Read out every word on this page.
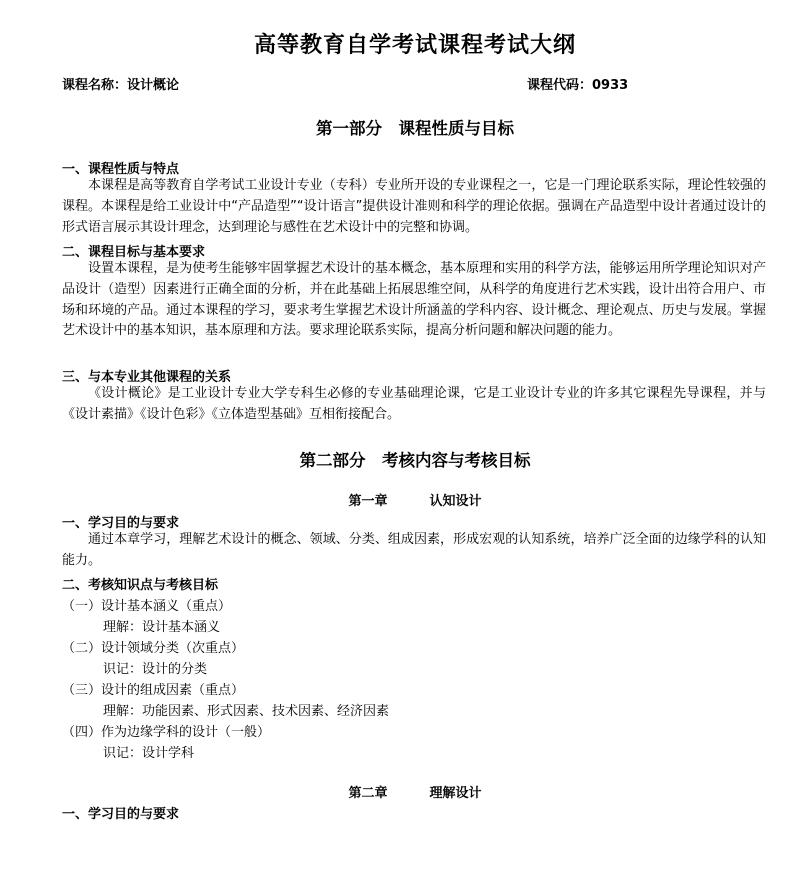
高等教育自学考试课程考试大纲
课程名称：设计概论	课程代码：0933
第一部分　课程性质与目标
一、课程性质与特点
本课程是高等教育自学考试工业设计专业（专科）专业所开设的专业课程之一，它是一门理论联系实际，理论性较强的课程。本课程是给工业设计中“产品造型”“设计语言”提供设计准则和科学的理论依据。强调在产品造型中设计者通过设计的形式语言展示其设计理念，达到理论与感性在艺术设计中的完整和协调。
二、课程目标与基本要求
设置本课程，是为使考生能够牢固掌握艺术设计的基本概念，基本原理和实用的科学方法，能够运用所学理论知识对产品设计（造型）因素进行正确全面的分析，并在此基础上拓展思维空间，从科学的角度进行艺术实践，设计出符合用户、市场和环境的产品。通过本课程的学习，要求考生掌握艺术设计所涵盖的学科内容、设计概念、理论观点、历史与发展。掌握艺术设计中的基本知识，基本原理和方法。要求理论联系实际，提高分析问题和解决问题的能力。
三、与本专业其他课程的关系
《设计概论》是工业设计专业大学专科生必修的专业基础理论课，它是工业设计专业的许多其它课程先导课程，并与《设计素描》《设计色彩》《立体造型基础》互相衔接配合。
第二部分　考核内容与考核目标
第一章	认知设计
一、学习目的与要求
通过本章学习，理解艺术设计的概念、领域、分类、组成因素，形成宏观的认知系统，培养广泛全面的边缘学科的认知能力。
二、考核知识点与考核目标
（一）设计基本涵义（重点）
理解：设计基本涵义
（二）设计领域分类（次重点）
识记：设计的分类
（三）设计的组成因素（重点）
理解：功能因素、形式因素、技术因素、经济因素
（四）作为边缘学科的设计（一般）
识记：设计学科
第二章	理解设计
一、学习目的与要求
